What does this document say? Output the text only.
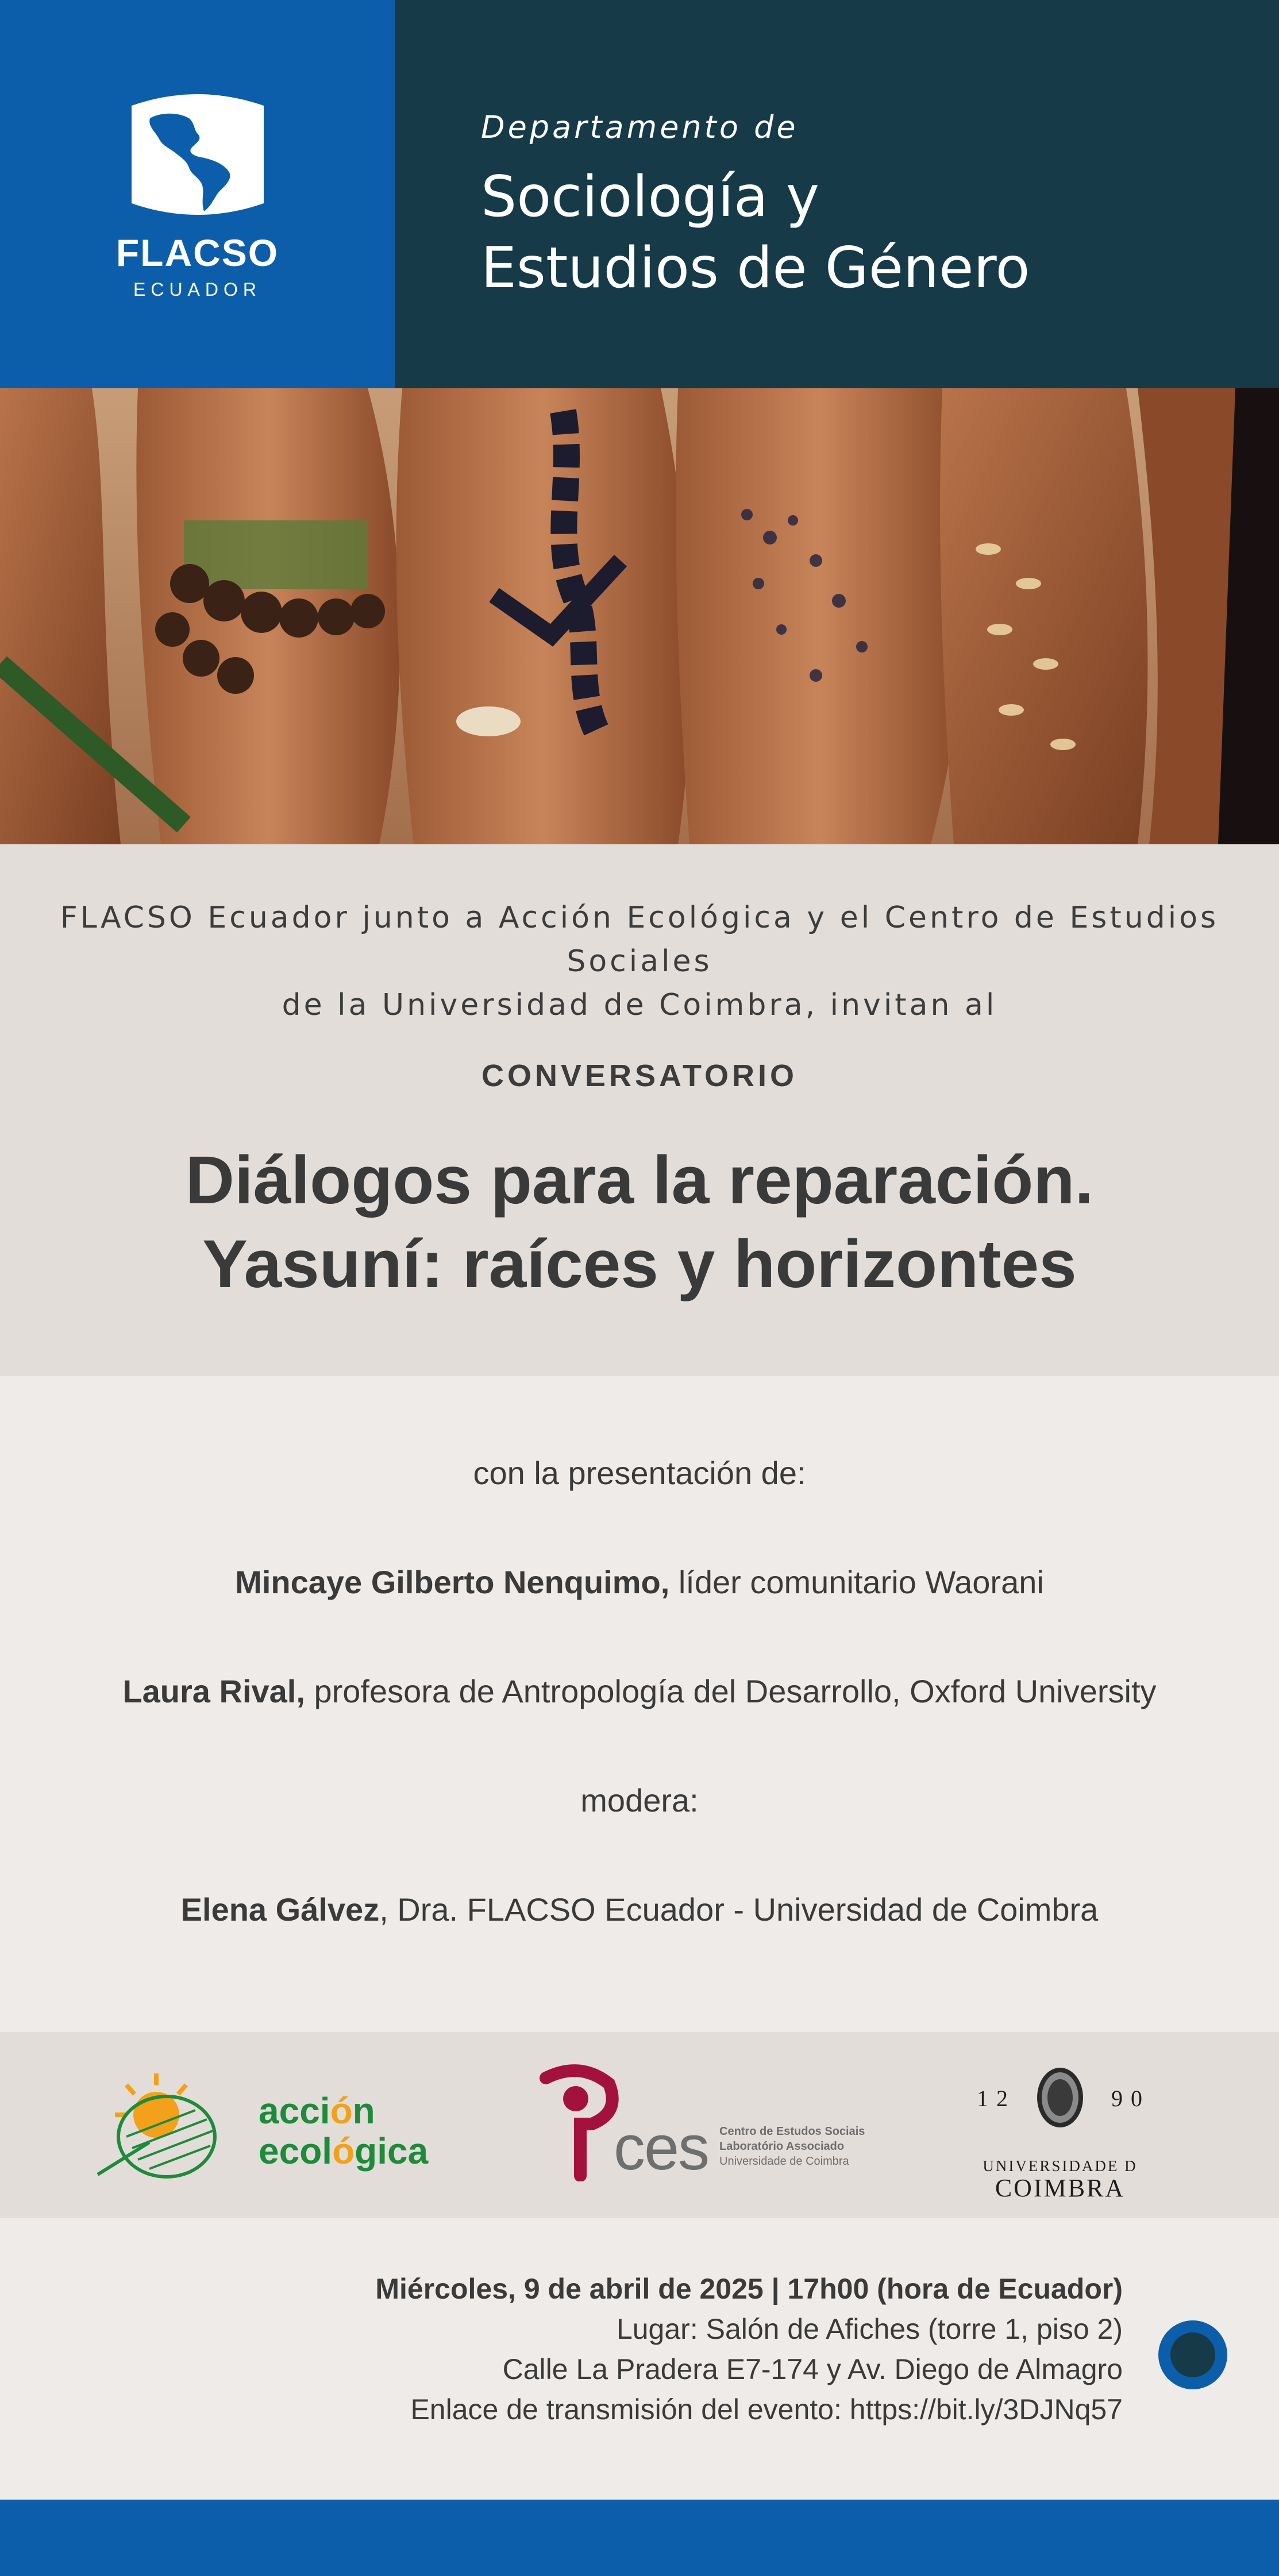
FLACSO
ECUADOR
Departamento de
Sociología y
Estudios de Género
FLACSO Ecuador junto a Acción Ecológica y el Centro de Estudios Sociales
de la Universidad de Coimbra, invitan al
CONVERSATORIO
Diálogos para la reparación.
Yasuní: raíces y horizontes
con la presentación de:
Mincaye Gilberto Nenquimo, líder comunitario Waorani
Laura Rival, profesora de Antropología del Desarrollo, Oxford University
modera:
Elena Gálvez, Dra. FLACSO Ecuador - Universidad de Coimbra
acción
ecológica	ces Centro de Estudos Sociais
Laboratório Associado
Universidade de Coimbra
1 2	9 0
UNIVERSIDADE D
COIMBRA
Miércoles, 9 de abril de 2025 | 17h00 (hora de Ecuador)
Lugar: Salón de Afiches (torre 1, piso 2)
Calle La Pradera E7-174 y Av. Diego de Almagro
Enlace de transmisión del evento: https://bit.ly/3DJNq57
